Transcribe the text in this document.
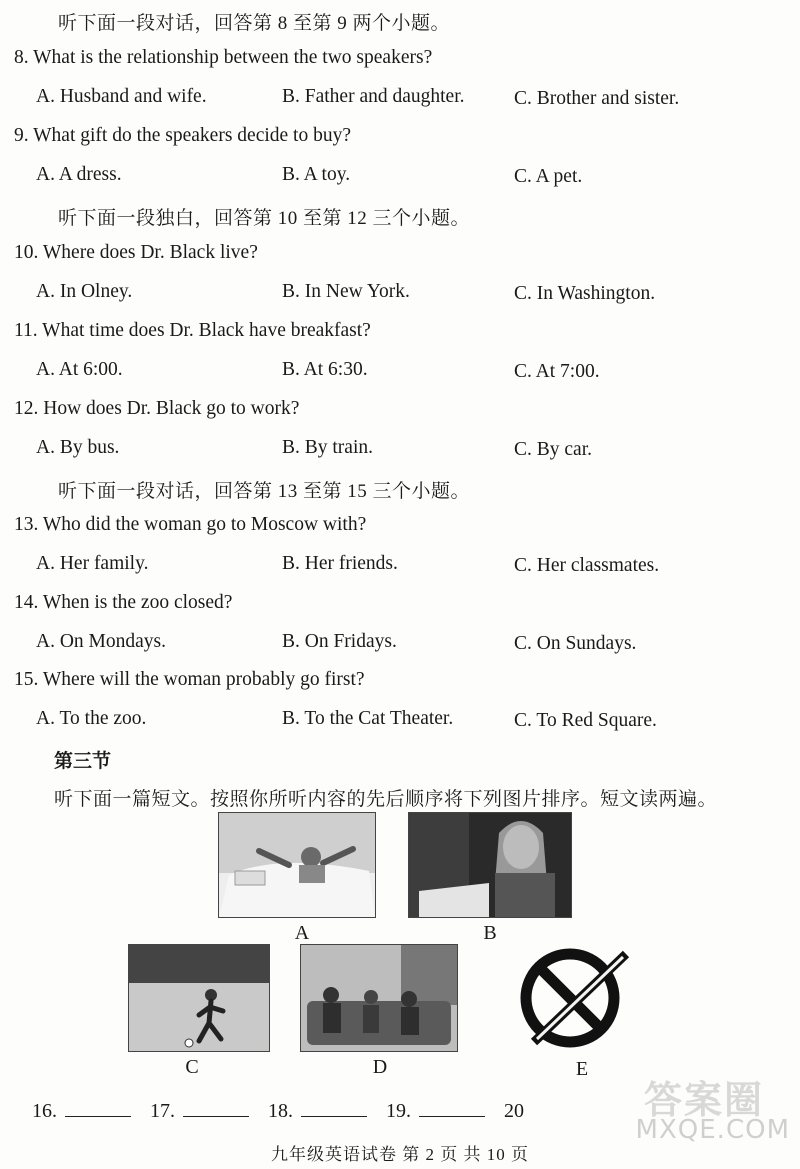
听下面一段对话，回答第 8 至第 9 两个小题。
8. What is the relationship between the two speakers?
A. Husband and wife.	B. Father and daughter.	C. Brother and sister.
9. What gift do the speakers decide to buy?
A. A dress.	B. A toy.	C. A pet.
听下面一段独白，回答第 10 至第 12 三个小题。
10. Where does Dr. Black live?
A. In Olney.	B. In New York.	C. In Washington.
11. What time does Dr. Black have breakfast?
A. At 6:00.	B. At 6:30.	C. At 7:00.
12. How does Dr. Black go to work?
A. By bus.	B. By train.	C. By car.
听下面一段对话，回答第 13 至第 15 三个小题。
13. Who did the woman go to Moscow with?
A. Her family.	B. Her friends.	C. Her classmates.
14. When is the zoo closed?
A. On Mondays.	B. On Fridays.	C. On Sundays.
15. Where will the woman probably go first?
A. To the zoo.	B. To the Cat Theater.	C. To Red Square.
第三节
听下面一篇短文。按照你所听内容的先后顺序将下列图片排序。短文读两遍。
A	B
C	D	E
16.	17.	18.	19.	20
九年级英语试卷 第 2 页 共 10 页
答案圈
MXQE.COM
